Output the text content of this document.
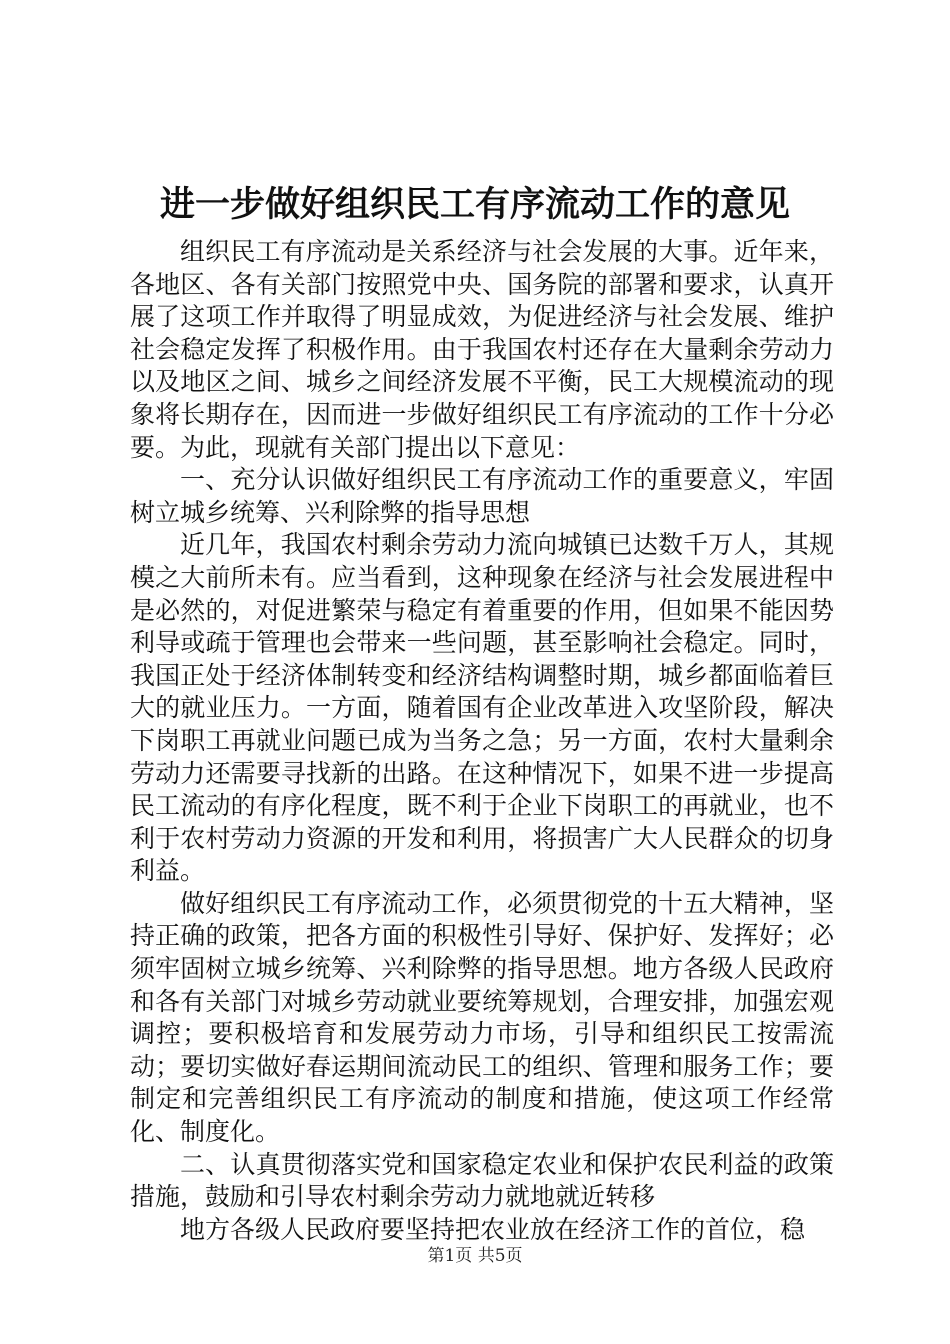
进一步做好组织民工有序流动工作的意见

组织民工有序流动是关系经济与社会发展的大事。近年来，各地区、各有关部门按照党中央、国务院的部署和要求，认真开展了这项工作并取得了明显成效，为促进经济与社会发展、维护社会稳定发挥了积极作用。由于我国农村还存在大量剩余劳动力以及地区之间、城乡之间经济发展不平衡，民工大规模流动的现象将长期存在，因而进一步做好组织民工有序流动的工作十分必要。为此，现就有关部门提出以下意见：

一、充分认识做好组织民工有序流动工作的重要意义，牢固树立城乡统筹、兴利除弊的指导思想

近几年，我国农村剩余劳动力流向城镇已达数千万人，其规模之大前所未有。应当看到，这种现象在经济与社会发展进程中是必然的，对促进繁荣与稳定有着重要的作用，但如果不能因势利导或疏于管理也会带来一些问题，甚至影响社会稳定。同时，我国正处于经济体制转变和经济结构调整时期，城乡都面临着巨大的就业压力。一方面，随着国有企业改革进入攻坚阶段，解决下岗职工再就业问题已成为当务之急；另一方面，农村大量剩余劳动力还需要寻找新的出路。在这种情况下，如果不进一步提高民工流动的有序化程度，既不利于企业下岗职工的再就业，也不利于农村劳动力资源的开发和利用，将损害广大人民群众的切身利益。

做好组织民工有序流动工作，必须贯彻党的十五大精神，坚持正确的政策，把各方面的积极性引导好、保护好、发挥好；必须牢固树立城乡统筹、兴利除弊的指导思想。地方各级人民政府和各有关部门对城乡劳动就业要统筹规划，合理安排，加强宏观调控；要积极培育和发展劳动力市场，引导和组织民工按需流动；要切实做好春运期间流动民工的组织、管理和服务工作；要制定和完善组织民工有序流动的制度和措施，使这项工作经常化、制度化。

二、认真贯彻落实党和国家稳定农业和保护农民利益的政策措施，鼓励和引导农村剩余劳动力就地就近转移

地方各级人民政府要坚持把农业放在经济工作的首位，稳

第1页 共5页
